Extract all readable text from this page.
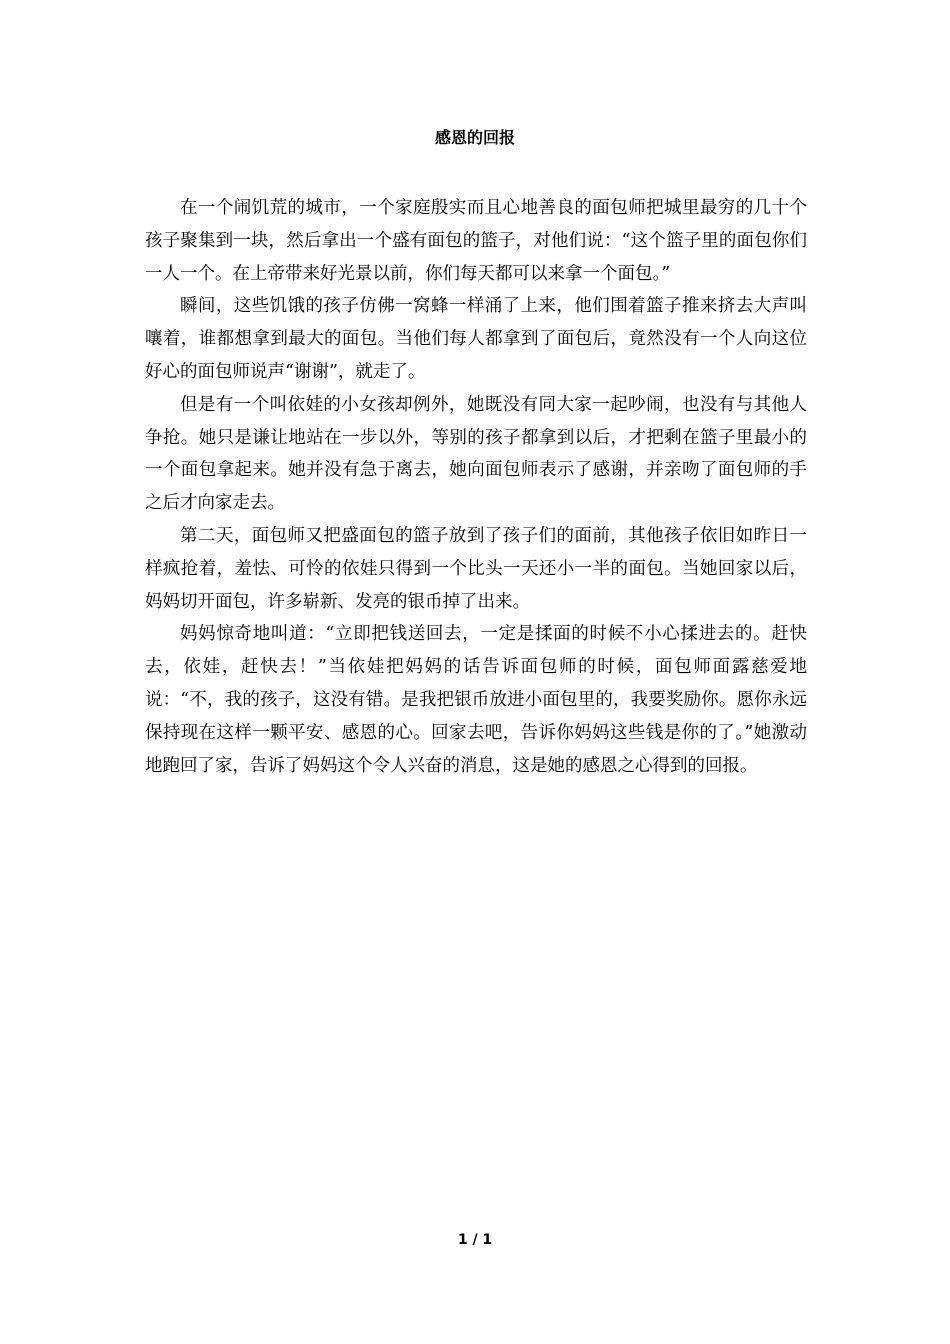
感恩的回报

在一个闹饥荒的城市，一个家庭殷实而且心地善良的面包师把城里最穷的几十个孩子聚集到一块，然后拿出一个盛有面包的篮子，对他们说：“这个篮子里的面包你们一人一个。在上帝带来好光景以前，你们每天都可以来拿一个面包。”

瞬间，这些饥饿的孩子仿佛一窝蜂一样涌了上来，他们围着篮子推来挤去大声叫嚷着，谁都想拿到最大的面包。当他们每人都拿到了面包后，竟然没有一个人向这位好心的面包师说声“谢谢”，就走了。

但是有一个叫依娃的小女孩却例外，她既没有同大家一起吵闹，也没有与其他人争抢。她只是谦让地站在一步以外，等别的孩子都拿到以后，才把剩在篮子里最小的一个面包拿起来。她并没有急于离去，她向面包师表示了感谢，并亲吻了面包师的手之后才向家走去。

第二天，面包师又把盛面包的篮子放到了孩子们的面前，其他孩子依旧如昨日一样疯抢着，羞怯、可怜的依娃只得到一个比头一天还小一半的面包。当她回家以后，妈妈切开面包，许多崭新、发亮的银币掉了出来。

妈妈惊奇地叫道：“立即把钱送回去，一定是揉面的时候不小心揉进去的。赶快去，依娃，赶快去！”当依娃把妈妈的话告诉面包师的时候，面包师面露慈爱地说：“不，我的孩子，这没有错。是我把银币放进小面包里的，我要奖励你。愿你永远保持现在这样一颗平安、感恩的心。回家去吧，告诉你妈妈这些钱是你的了。”她激动地跑回了家，告诉了妈妈这个令人兴奋的消息，这是她的感恩之心得到的回报。

1 / 1
